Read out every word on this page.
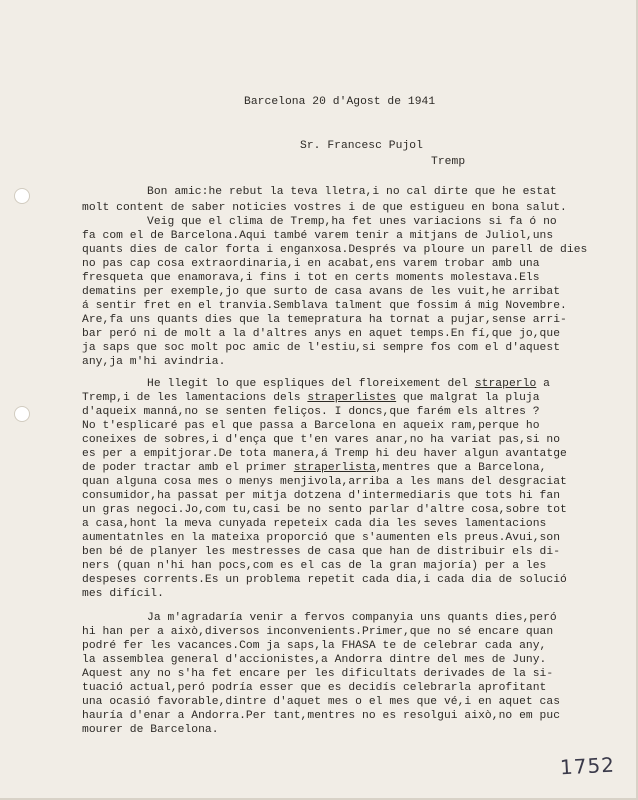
Barcelona 20 d'Agost de 1941
Sr. Francesc Pujol
Tremp
Bon amic:he rebut la teva lletra,i no cal dirte que he estat
molt content de saber noticies vostres i de que estigueu en bona salut.
Veig que el clima de Tremp,ha fet unes variacions si fa ó no
fa com el de Barcelona.Aqui també varem tenir a mitjans de Juliol,uns
quants dies de calor forta i enganxosa.Després va ploure un parell de dies
no pas cap cosa extraordinaria,i en acabat,ens varem trobar amb una
fresqueta que enamorava,i fins i tot en certs moments molestava.Els
dematins per exemple,jo que surto de casa avans de les vuit,he arribat
á sentir fret en el tranvia.Semblava talment que fossim á mig Novembre.
Are,fa uns quants dies que la temepratura ha tornat a pujar,sense arri-
bar peró ni de molt a la d'altres anys en aquet temps.En fí,que jo,que
ja saps que soc molt poc amic de l'estiu,si sempre fos com el d'aquest
any,ja m'hi avindria.
He llegit lo que espliques del floreixement del straperlo a
Tremp,i de les lamentacions dels straperlistes que malgrat la pluja
d'aqueix manná,no se senten feliços. I doncs,que farém els altres ?
No t'esplicaré pas el que passa a Barcelona en aqueix ram,perque ho
coneixes de sobres,i d'ença que t'en vares anar,no ha variat pas,si no
es per a empitjorar.De tota manera,á Tremp hi deu haver algun avantatge
de poder tractar amb el primer straperlista,mentres que a Barcelona,
quan alguna cosa mes o menys menjivola,arriba a les mans del desgraciat
consumidor,ha passat per mitja dotzena d'intermediaris que tots hi fan
un gras negoci.Jo,com tu,casi be no sento parlar d'altre cosa,sobre tot
a casa,hont la meva cunyada repeteix cada dia les seves lamentacions
aumentatnles en la mateixa proporció que s'aumenten els preus.Avui,son
ben bé de planyer les mestresses de casa que han de distribuir els di-
ners (quan n'hi han pocs,com es el cas de la gran majoría) per a les
despeses corrents.Es un problema repetit cada dia,i cada dia de solució
mes difícil.
Ja m'agradaría venir a fervos companyia uns quants dies,peró
hi han per a això,diversos inconvenients.Primer,que no sé encare quan
podré fer les vacances.Com ja saps,la FHASA te de celebrar cada any,
la assemblea general d'accionistes,a Andorra dintre del mes de Juny.
Aquest any no s'ha fet encare per les dificultats derivades de la si-
tuació actual,peró podría esser que es decidís celebrarla aprofitant
una ocasió favorable,dintre d'aquet mes o el mes que vé,i en aquet cas
hauría d'enar a Andorra.Per tant,mentres no es resolgui això,no em puc
mourer de Barcelona.
1752
